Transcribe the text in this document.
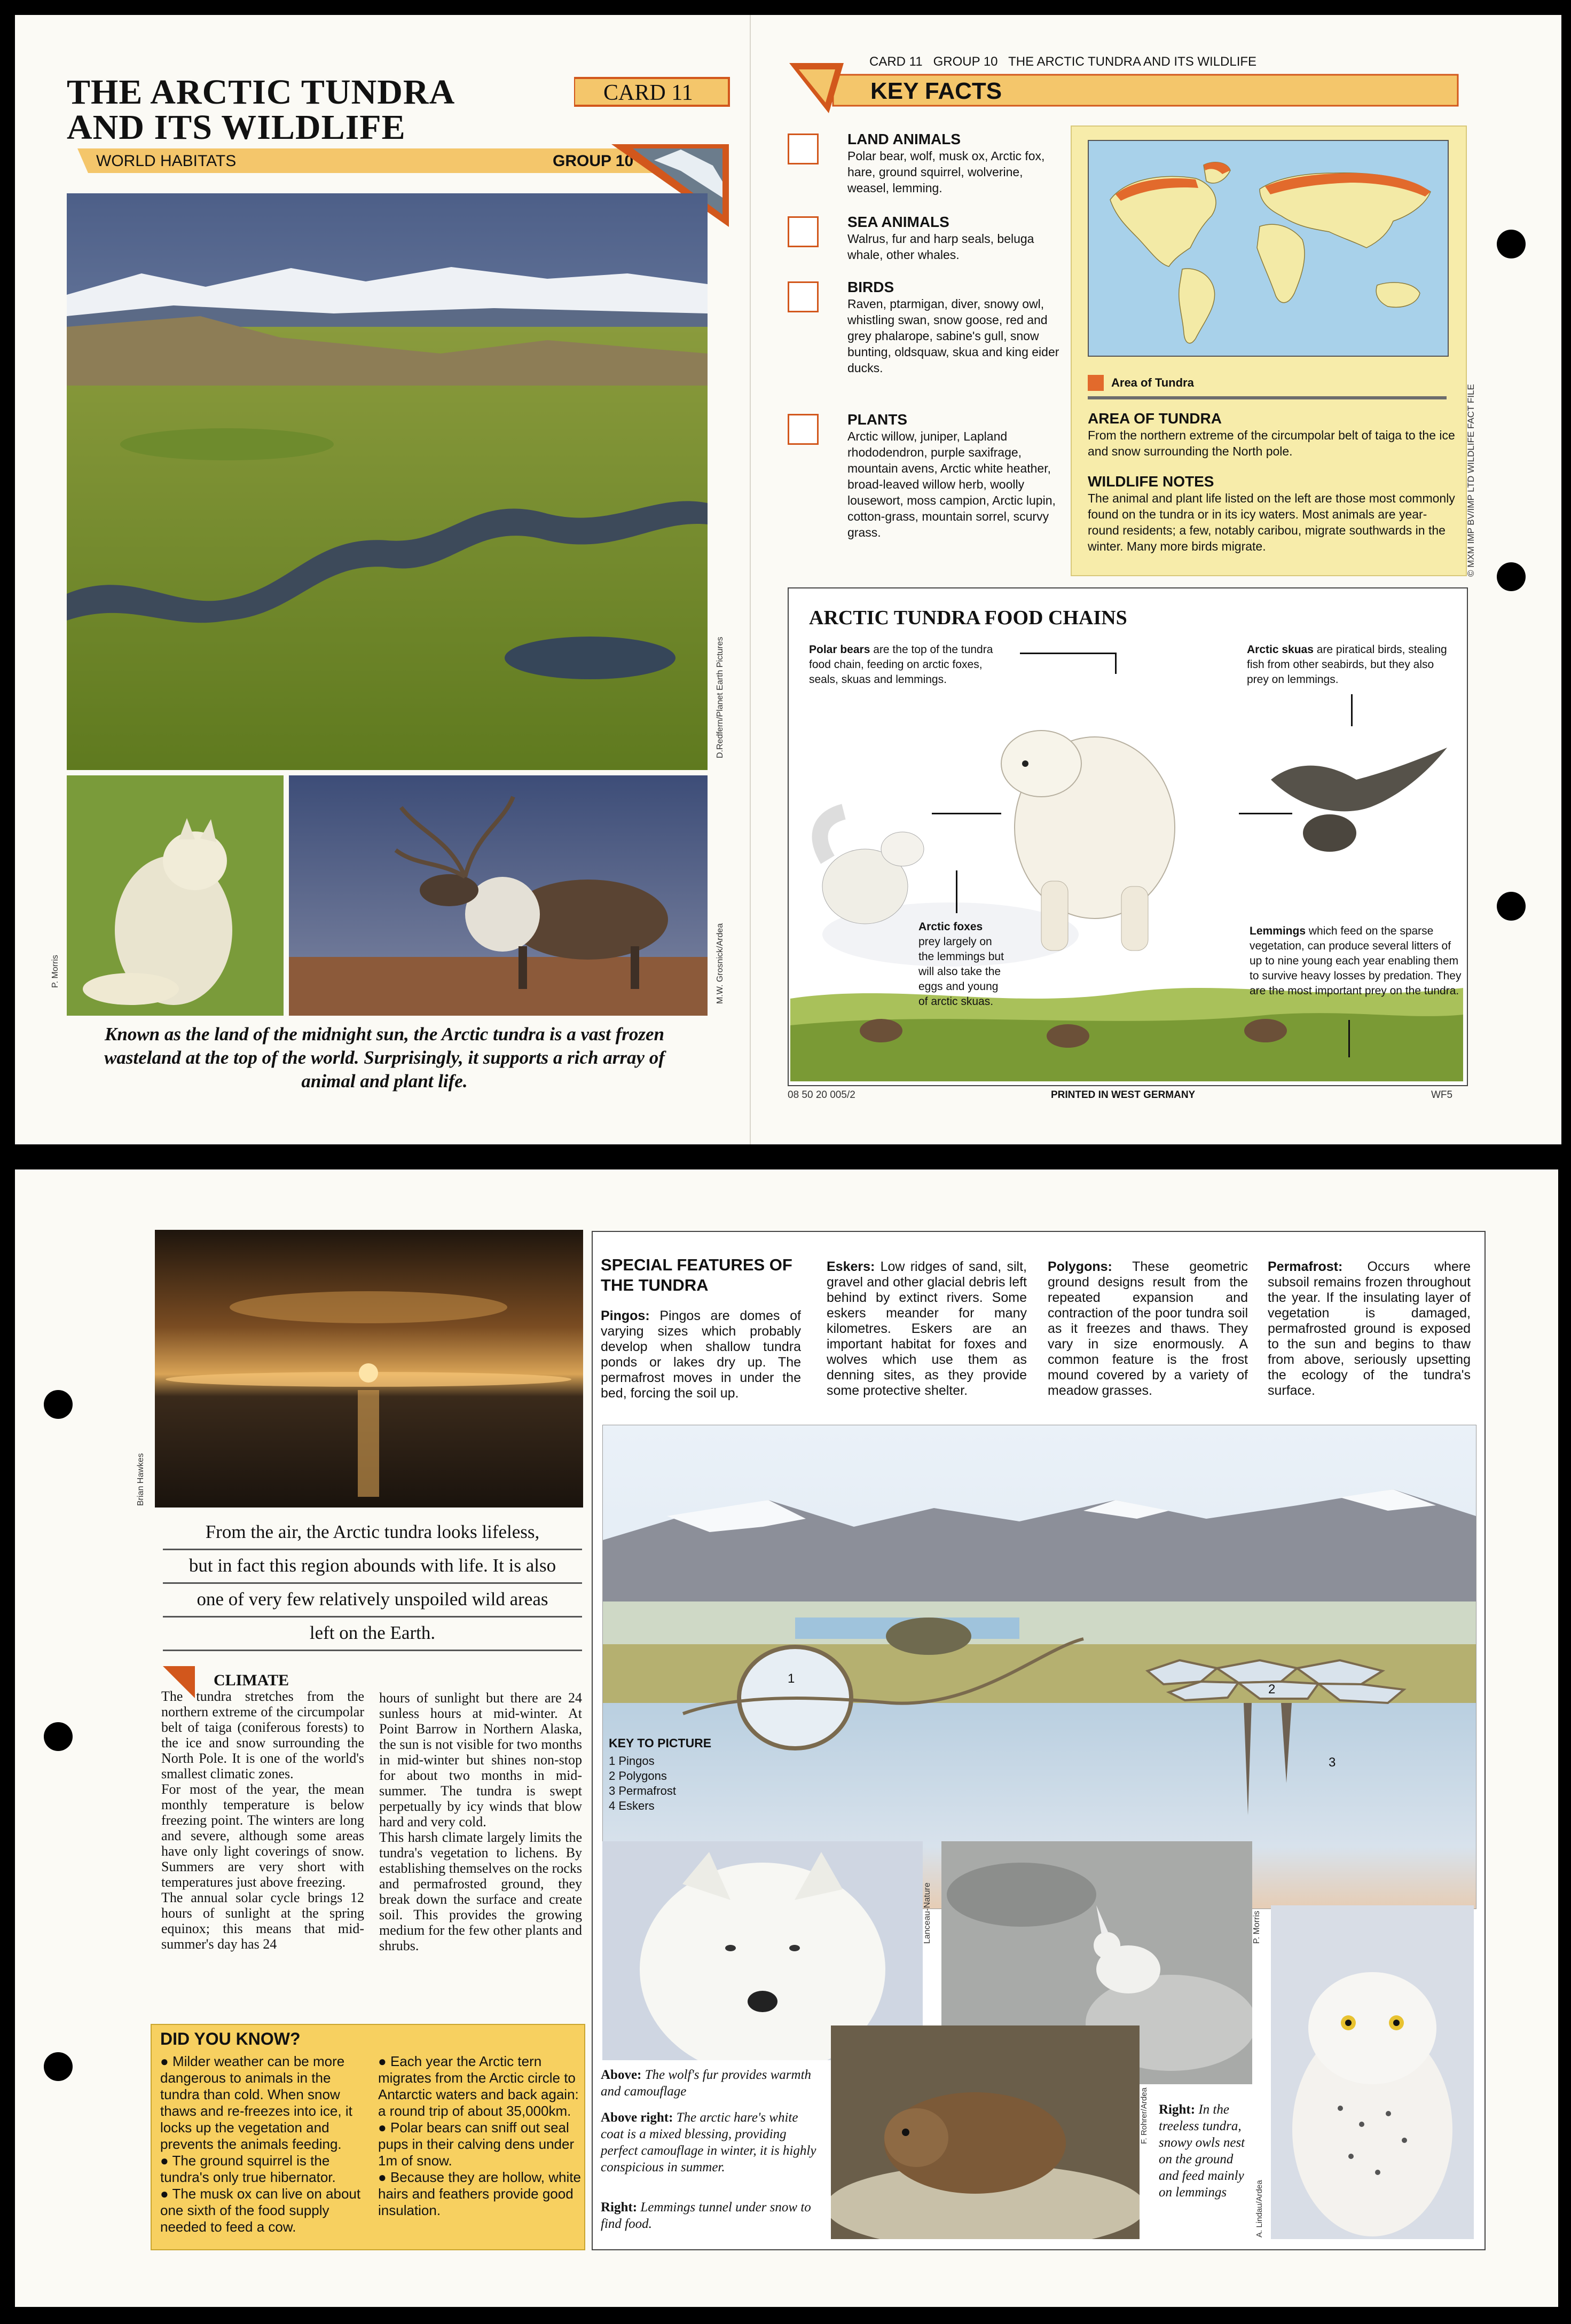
THE ARCTIC TUNDRA
AND ITS WILDLIFE
WORLD HABITATS	GROUP 10
CARD 11
D.Redfern/Planet Earth Pictures
P. Morris	M.W. Grosnick/Ardea
Known as the land of the midnight sun, the Arctic tundra is a vast frozen wasteland at the top of the world. Surprisingly, it supports a rich array of animal and plant life.
CARD 11   GROUP 10   THE ARCTIC TUNDRA AND ITS WILDLIFE
KEY FACTS
LAND ANIMALS
Polar bear, wolf, musk ox, Arctic fox, hare, ground squirrel, wolverine, weasel, lemming.
SEA ANIMALS
Walrus, fur and harp seals, beluga whale, other whales.
BIRDS
Raven, ptarmigan, diver, snowy owl, whistling swan, snow goose, red and grey phalarope, sabine's gull, snow bunting, oldsquaw, skua and king eider ducks.
PLANTS
Arctic willow, juniper, Lapland rhododendron, purple saxifrage, mountain avens, Arctic white heather, broad-leaved willow herb, woolly lousewort, moss campion, Arctic lupin, cotton-grass, mountain sorrel, scurvy grass.
Area of Tundra
AREA OF TUNDRA
From the northern extreme of the circumpolar belt of taiga to the ice and snow surrounding the North pole.
WILDLIFE NOTES
The animal and plant life listed on the left are those most commonly found on the tundra or in its icy waters. Most animals are year-round residents; a few, notably caribou, migrate southwards in the winter. Many more birds migrate.	© MXM IMP BV/IMP LTD WILDLIFE FACT FILE
ARCTIC TUNDRA FOOD CHAINS
Polar bears are the top of the tundra food chain, feeding on arctic foxes, seals, skuas and lemmings.
Arctic skuas are piratical birds, stealing fish from other seabirds, but they also prey on lemmings.
Arctic foxes prey largely on the lemmings but will also take the eggs and young of arctic skuas.
Lemmings which feed on the sparse vegetation, can produce several litters of up to nine young each year enabling them to survive heavy losses by predation. They are the most important prey on the tundra.
08 50 20 005/2	PRINTED IN WEST GERMANY	WF5
Brian Hawkes
From the air, the Arctic tundra looks lifeless,
but in fact this region abounds with life. It is also
one of very few relatively unspoiled wild areas
left on the Earth.
CLIMATE
The tundra stretches from the northern extreme of the circumpolar belt of taiga (coniferous forests) to the ice and snow surrounding the North Pole. It is one of the world's smallest climatic zones.
For most of the year, the mean monthly temperature is below freezing point. The winters are long and severe, although some areas have only light coverings of snow. Summers are very short with temperatures just above freezing.
The annual solar cycle brings 12 hours of sunlight at the spring equinox; this means that mid-summer's day has 24
hours of sunlight but there are 24 sunless hours at mid-winter. At Point Barrow in Northern Alaska, the sun is not visible for two months in mid-winter but shines non-stop for about two months in mid-summer. The tundra is swept perpetually by icy winds that blow hard and very cold.
This harsh climate largely limits the tundra's vegetation to lichens. By establishing themselves on the rocks and permafrosted ground, they break down the surface and create soil. This provides the growing medium for the few other plants and shrubs.
DID YOU KNOW?
● Milder weather can be more dangerous to animals in the tundra than cold. When snow thaws and re-freezes into ice, it locks up the vegetation and prevents the animals feeding.
● The ground squirrel is the tundra's only true hibernator.
● The musk ox can live on about one sixth of the food supply needed to feed a cow.
● Each year the Arctic tern migrates from the Arctic circle to Antarctic waters and back again: a round trip of about 35,000km.
● Polar bears can sniff out seal pups in their calving dens under 1m of snow.
● Because they are hollow, white hairs and feathers provide good insulation.
SPECIAL FEATURES OF THE TUNDRA
Pingos: Pingos are domes of varying sizes which probably develop when shallow tundra ponds or lakes dry up. The permafrost moves in under the bed, forcing the soil up.
Eskers: Low ridges of sand, silt, gravel and other glacial debris left behind by extinct rivers. Some eskers meander for many kilometres. Eskers are an important habitat for foxes and wolves which use them as denning sites, as they provide some protective shelter.
Polygons: These geometric ground designs result from the repeated expansion and contraction of the poor tundra soil as it freezes and thaws. They vary in size enormously. A common feature is the frost mound covered by a variety of meadow grasses.
Permafrost: Occurs where subsoil remains frozen throughout the year. If the insulating layer of vegetation is damaged, permafrosted ground is exposed to the sun and begins to thaw from above, seriously upsetting the ecology of the tundra's surface.
1
2
3
KEY TO PICTURE
1 Pingos
2 Polygons
3 Permafrost
4 Eskers
Lanceau-Nature	P. Morris
F. Rohrer/Ardea
A. Lindau/Ardea
Above: The wolf's fur provides warmth and camouflage
Above right: The arctic hare's white coat is a mixed blessing, providing perfect camouflage in winter, it is highly conspicious in summer.
Right: Lemmings tunnel under snow to find food.
Right: In the treeless tundra, snowy owls nest on the ground and feed mainly on lemmings
